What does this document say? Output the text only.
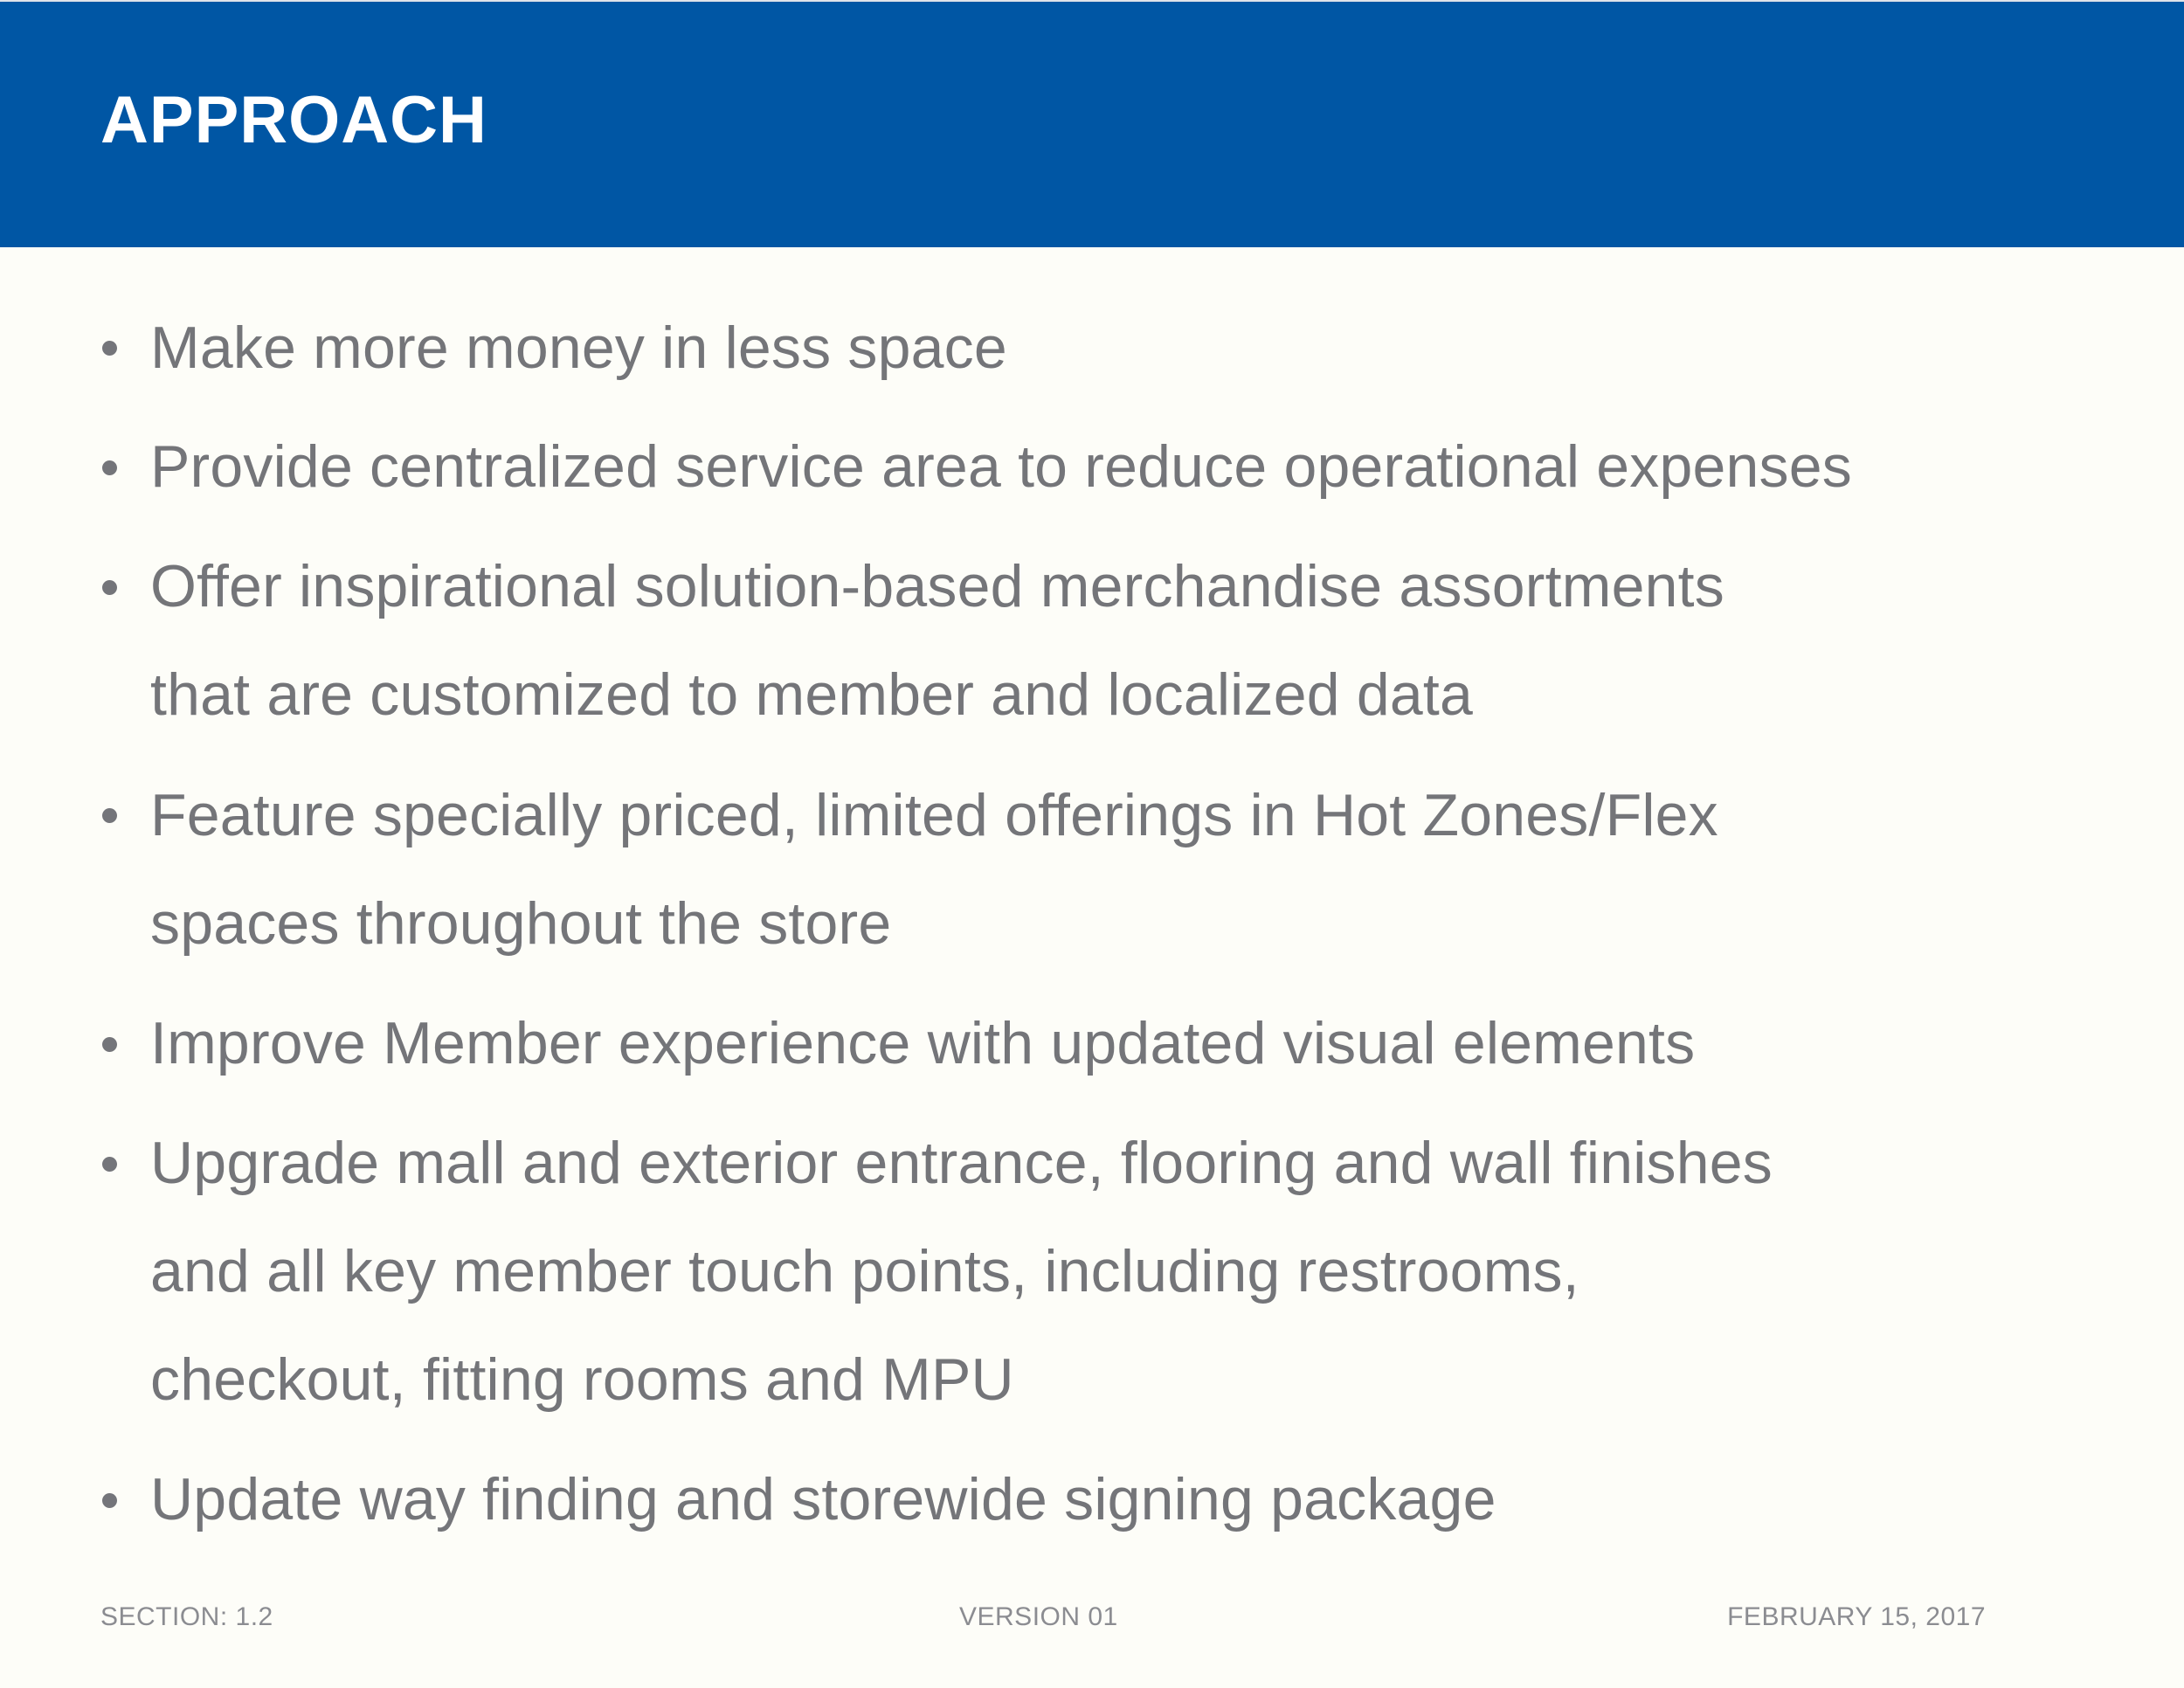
APPROACH
Make more money in less space
Provide centralized service area to reduce operational expenses
Offer inspirational solution-based merchandise assortments
that are customized to member and localized data
Feature specially priced, limited offerings in Hot Zones/Flex
spaces throughout the store
Improve Member experience with updated visual elements
Upgrade mall and exterior entrance, flooring and wall finishes
and all key member touch points, including restrooms,
checkout, fitting rooms and MPU
Update way finding and storewide signing package
SECTION: 1.2	VERSION 01	FEBRUARY 15, 2017
